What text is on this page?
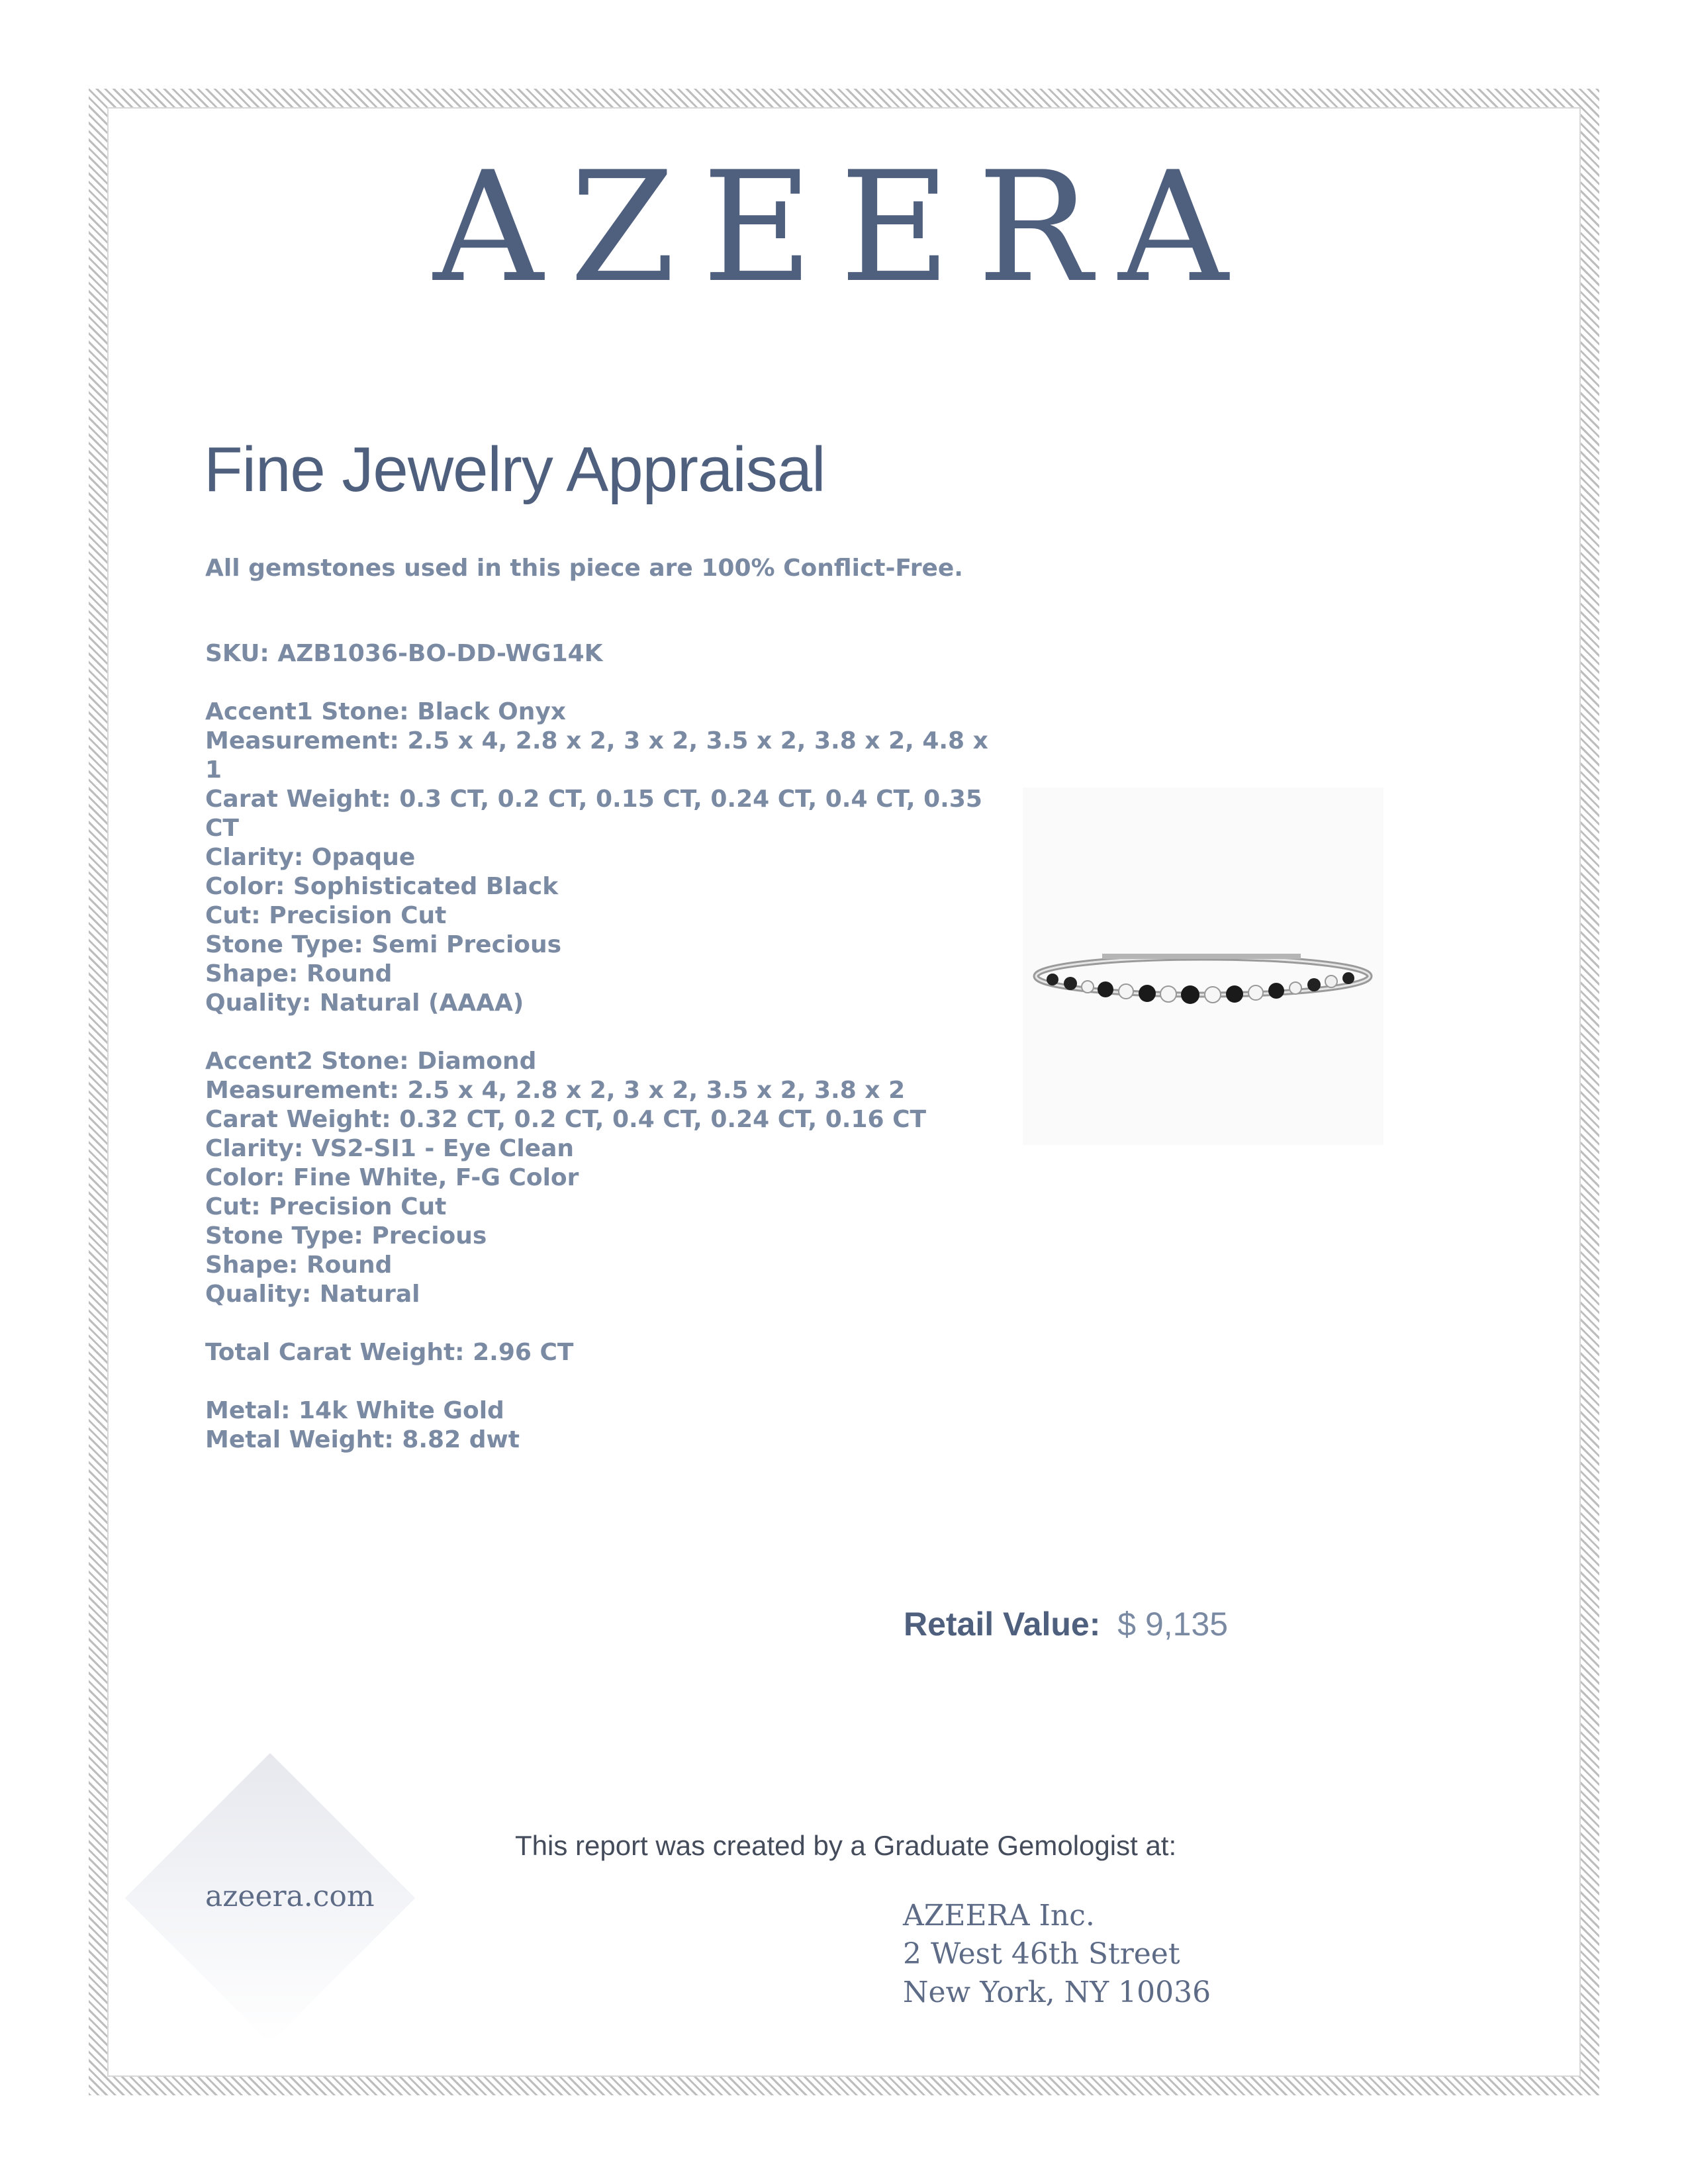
AZEERA
Fine Jewelry Appraisal
All gemstones used in this piece are 100% Conflict-Free.
SKU: AZB1036-BO-DD-WG14K
Accent1 Stone: Black Onyx
Measurement: 2.5 x 4, 2.8 x 2, 3 x 2, 3.5 x 2, 3.8 x 2, 4.8 x 1
Carat Weight: 0.3 CT, 0.2 CT, 0.15 CT, 0.24 CT, 0.4 CT, 0.35 CT
Clarity: Opaque
Color: Sophisticated Black
Cut: Precision Cut
Stone Type: Semi Precious
Shape: Round
Quality: Natural (AAAA)
Accent2 Stone: Diamond
Measurement: 2.5 x 4, 2.8 x 2, 3 x 2, 3.5 x 2, 3.8 x 2
Carat Weight: 0.32 CT, 0.2 CT, 0.4 CT, 0.24 CT, 0.16 CT
Clarity: VS2-SI1 - Eye Clean
Color: Fine White, F-G Color
Cut: Precision Cut
Stone Type: Precious
Shape: Round
Quality: Natural
Total Carat Weight: 2.96 CT
Metal: 14k White Gold
Metal Weight: 8.82 dwt
Retail Value: $ 9,135
azeera.com
This report was created by a Graduate Gemologist at:
AZEERA Inc.
2 West 46th Street
New York, NY 10036
